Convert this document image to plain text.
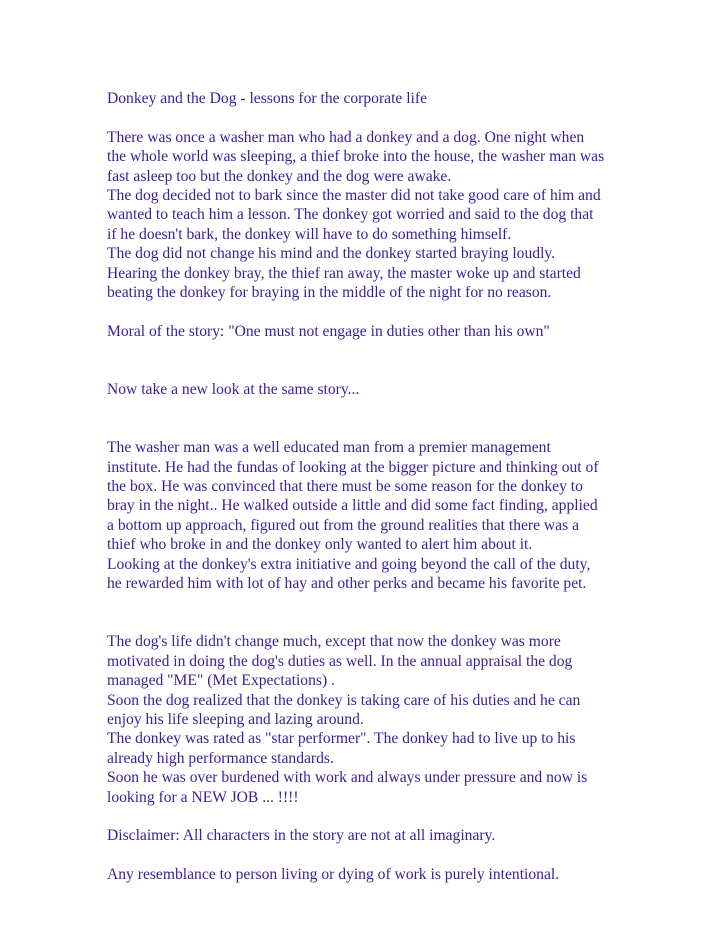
Donkey and the Dog - lessons for the corporate life

There was once a washer man who had a donkey and a dog. One night when
the whole world was sleeping, a thief broke into the house, the washer man was
fast asleep too but the donkey and the dog were awake.
The dog decided not to bark since the master did not take good care of him and
wanted to teach him a lesson. The donkey got worried and said to the dog that
if he doesn't bark, the donkey will have to do something himself.
The dog did not change his mind and the donkey started braying loudly.
Hearing the donkey bray, the thief ran away, the master woke up and started
beating the donkey for braying in the middle of the night for no reason.

Moral of the story: "One must not engage in duties other than his own"

Now take a new look at the same story...

The washer man was a well educated man from a premier management
institute. He had the fundas of looking at the bigger picture and thinking out of
the box. He was convinced that there must be some reason for the donkey to
bray in the night.. He walked outside a little and did some fact finding, applied
a bottom up approach, figured out from the ground realities that there was a
thief who broke in and the donkey only wanted to alert him about it.
Looking at the donkey's extra initiative and going beyond the call of the duty,
he rewarded him with lot of hay and other perks and became his favorite pet.

The dog's life didn't change much, except that now the donkey was more
motivated in doing the dog's duties as well. In the annual appraisal the dog
managed "ME" (Met Expectations) .
Soon the dog realized that the donkey is taking care of his duties and he can
enjoy his life sleeping and lazing around.
The donkey was rated as "star performer". The donkey had to live up to his
already high performance standards.
Soon he was over burdened with work and always under pressure and now is
looking for a NEW JOB ... !!!!

Disclaimer: All characters in the story are not at all imaginary.

Any resemblance to person living or dying of work is purely intentional.
